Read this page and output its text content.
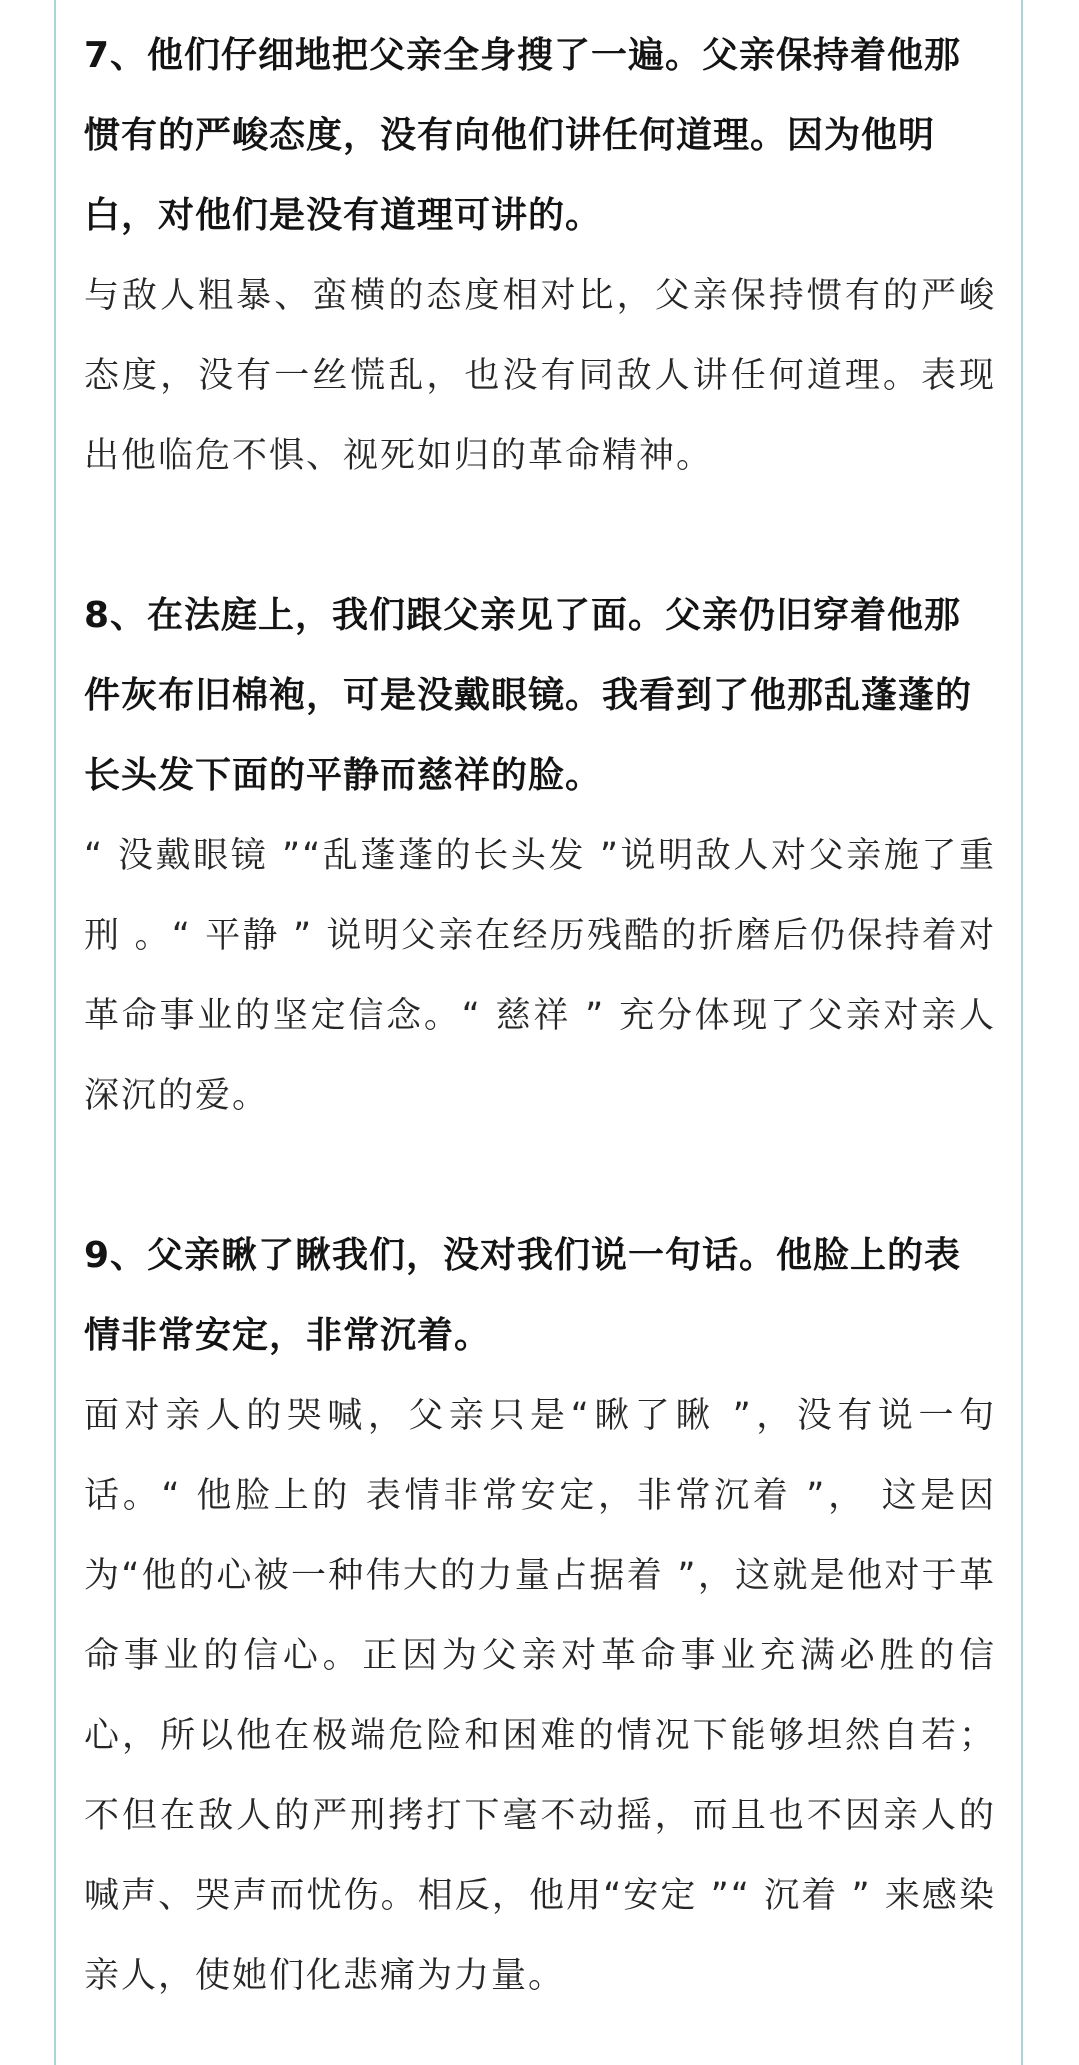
7、他们仔细地把父亲全身搜了一遍。父亲保持着他那惯有的严峻态度，没有向他们讲任何道理。因为他明白，对他们是没有道理可讲的。

与敌人粗暴、蛮横的态度相对比，父亲保持惯有的严峻态度，没有一丝慌乱，也没有同敌人讲任何道理。表现出他临危不惧、视死如归的革命精神。

8、在法庭上，我们跟父亲见了面。父亲仍旧穿着他那件灰布旧棉袍，可是没戴眼镜。我看到了他那乱蓬蓬的长头发下面的平静而慈祥的脸。

“ 没戴眼镜 ”“乱蓬蓬的长头发 ”说明敌人对父亲施了重刑 。“ 平静 ” 说明父亲在经历残酷的折磨后仍保持着对革命事业的坚定信念。“ 慈祥 ” 充分体现了父亲对亲人深沉的爱。

9、父亲瞅了瞅我们，没对我们说一句话。他脸上的表情非常安定，非常沉着。

面对亲人的哭喊，父亲只是“瞅了瞅 ”，没有说一句话。“ 他脸上的 表情非常安定，非常沉着 ”， 这是因为“他的心被一种伟大的力量占据着 ”，这就是他对于革命事业的信心。正因为父亲对革命事业充满必胜的信心，所以他在极端危险和困难的情况下能够坦然自若；不但在敌人的严刑拷打下毫不动摇，而且也不因亲人的喊声、哭声而忧伤。相反，他用“安定 ”“ 沉着 ” 来感染亲人，使她们化悲痛为力量。
